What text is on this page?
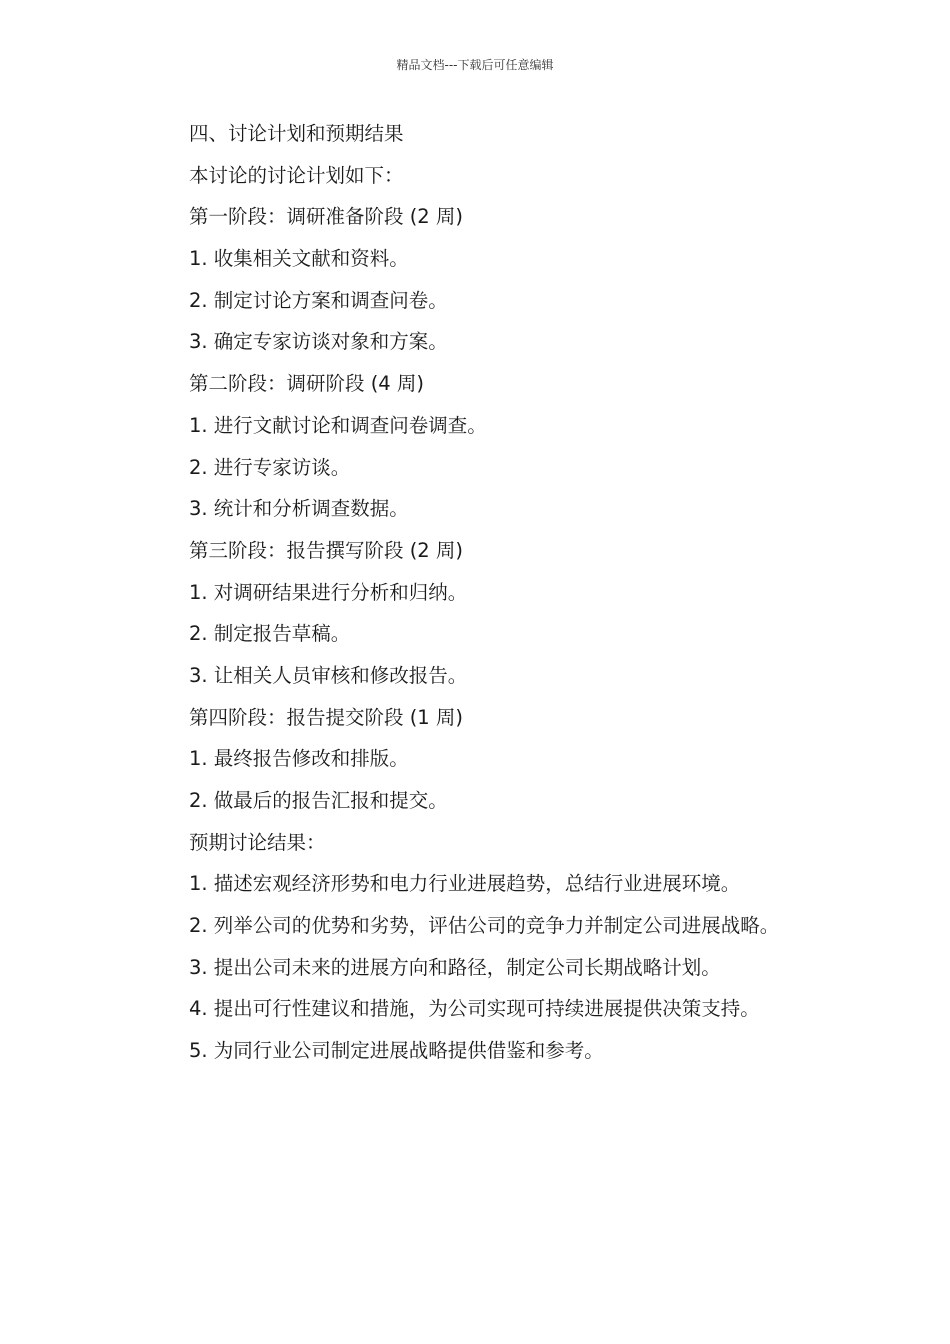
精品文档---下载后可任意编辑
四、讨论计划和预期结果
本讨论的讨论计划如下：
第一阶段：调研准备阶段 (2 周)
1. 收集相关文献和资料。
2. 制定讨论方案和调查问卷。
3. 确定专家访谈对象和方案。
第二阶段：调研阶段 (4 周)
1. 进行文献讨论和调查问卷调查。
2. 进行专家访谈。
3. 统计和分析调查数据。
第三阶段：报告撰写阶段 (2 周)
1. 对调研结果进行分析和归纳。
2. 制定报告草稿。
3. 让相关人员审核和修改报告。
第四阶段：报告提交阶段 (1 周)
1. 最终报告修改和排版。
2. 做最后的报告汇报和提交。
预期讨论结果：
1. 描述宏观经济形势和电力行业进展趋势，总结行业进展环境。
2. 列举公司的优势和劣势，评估公司的竞争力并制定公司进展战略。
3. 提出公司未来的进展方向和路径，制定公司长期战略计划。
4. 提出可行性建议和措施，为公司实现可持续进展提供决策支持。
5. 为同行业公司制定进展战略提供借鉴和参考。
